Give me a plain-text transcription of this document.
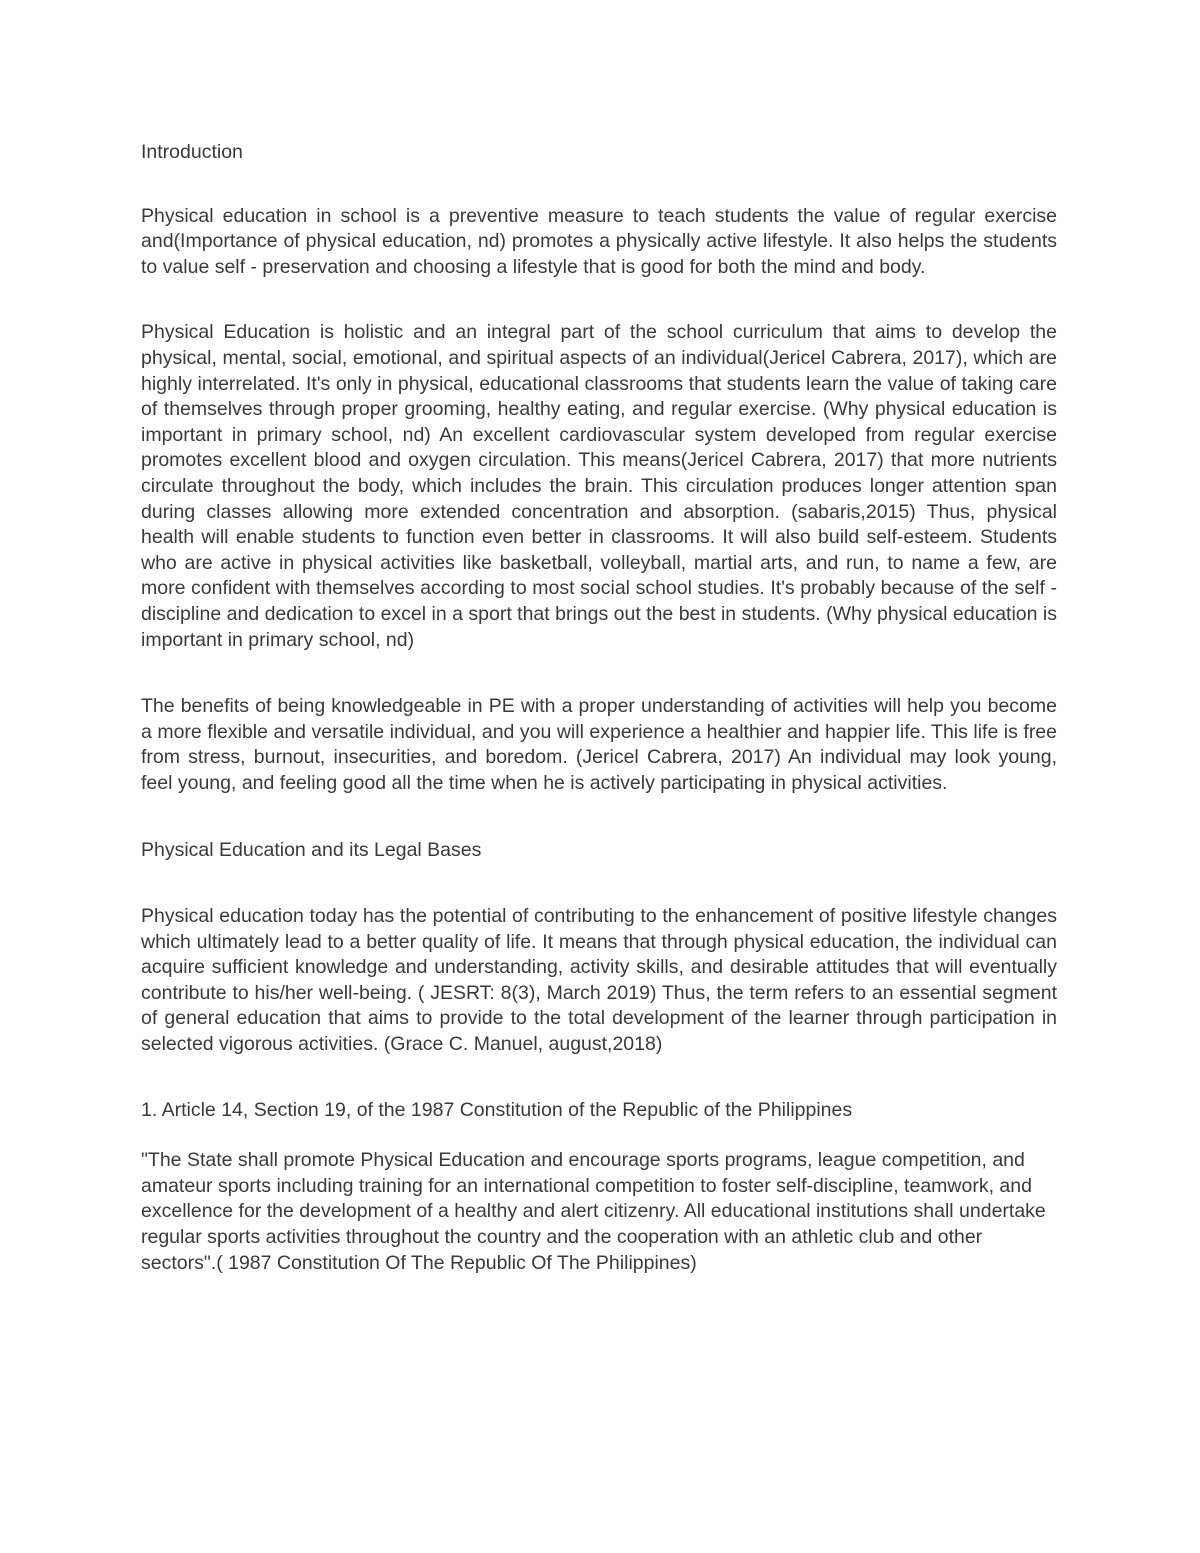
Introduction

Physical education in school is a preventive measure to teach students the value of regular exercise and(Importance of physical education, nd) promotes a physically active lifestyle. It also helps the students to value self - preservation and choosing a lifestyle that is good for both the mind and body.

Physical Education is holistic and an integral part of the school curriculum that aims to develop the physical, mental, social, emotional, and spiritual aspects of an individual(Jericel Cabrera, 2017), which are highly interrelated. It's only in physical, educational classrooms that students learn the value of taking care of themselves through proper grooming, healthy eating, and regular exercise. (Why physical education is important in primary school, nd) An excellent cardiovascular system developed from regular exercise promotes excellent blood and oxygen circulation. This means(Jericel Cabrera, 2017) that more nutrients circulate throughout the body, which includes the brain. This circulation produces longer attention span during classes allowing more extended concentration and absorption. (sabaris,2015) Thus, physical health will enable students to function even better in classrooms. It will also build self-esteem. Students who are active in physical activities like basketball, volleyball, martial arts, and run, to name a few, are more confident with themselves according to most social school studies. It's probably because of the self - discipline and dedication to excel in a sport that brings out the best in students. (Why physical education is important in primary school, nd)

The benefits of being knowledgeable in PE with a proper understanding of activities will help you become a more flexible and versatile individual, and you will experience a healthier and happier life. This life is free from stress, burnout, insecurities, and boredom. (Jericel Cabrera, 2017) An individual may look young, feel young, and feeling good all the time when he is actively participating in physical activities.

Physical Education and its Legal Bases

Physical education today has the potential of contributing to the enhancement of positive lifestyle changes which ultimately lead to a better quality of life. It means that through physical education, the individual can acquire sufficient knowledge and understanding, activity skills, and desirable attitudes that will eventually contribute to his/her well-being. ( JESRT: 8(3), March 2019) Thus, the term refers to an essential segment of general education that aims to provide to the total development of the learner through participation in selected vigorous activities. (Grace C. Manuel, august,2018)

1. Article 14, Section 19, of the 1987 Constitution of the Republic of the Philippines

"The State shall promote Physical Education and encourage sports programs, league competition, and amateur sports including training for an international competition to foster self-discipline, teamwork, and excellence for the development of a healthy and alert citizenry. All educational institutions shall undertake regular sports activities throughout the country and the cooperation with an athletic club and other sectors".( 1987 Constitution Of The Republic Of The Philippines)
